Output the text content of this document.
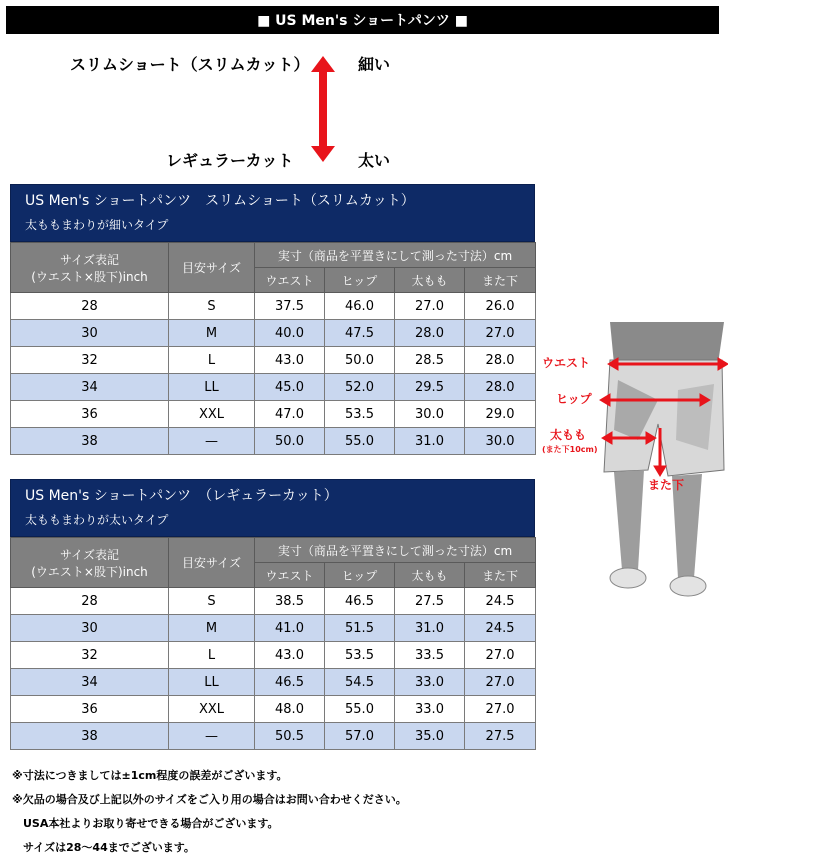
■ US Men's ショートパンツ ■
スリムショート（スリムカット）	細い
レギュラーカット	太い
US Men's ショートパンツ　スリムショート（スリムカット）
太ももまわりが細いタイプ
サイズ表記
(ウエスト×股下)inch	目安サイズ	実寸（商品を平置きにして測った寸法）cm			
		ウエスト	ヒップ	太もも	また下
28	S	37.5	46.0	27.0	26.0
30	M	40.0	47.5	28.0	27.0
32	L	43.0	50.0	28.5	28.0
34	LL	45.0	52.0	29.5	28.0
36	XXL	47.0	53.5	30.0	29.0
38	—	50.0	55.0	31.0	30.0
US Men's ショートパンツ　（レギュラーカット）
太ももまわりが太いタイプ
サイズ表記
(ウエスト×股下)inch	目安サイズ	実寸（商品を平置きにして測った寸法）cm			
		ウエスト	ヒップ	太もも	また下
28	S	38.5	46.5	27.5	24.5
30	M	41.0	51.5	31.0	24.5
32	L	43.0	53.5	33.5	27.0
34	LL	46.5	54.5	33.0	27.0
36	XXL	48.0	55.0	33.0	27.0
38	—	50.5	57.0	35.0	27.5
ウエスト
ヒップ
太もも
(また下10cm)
また下
※寸法につきましては±1cm程度の誤差がございます。
※欠品の場合及び上記以外のサイズをご入り用の場合はお問い合わせください。
　USA本社よりお取り寄せできる場合がございます。
　サイズは28～44までございます。
